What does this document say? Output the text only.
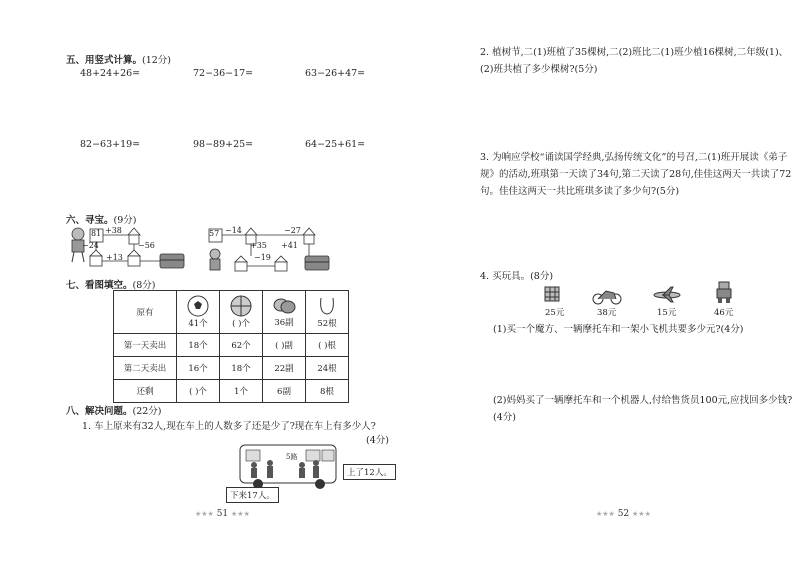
五、用竖式计算。(12分)
48+24+26=	72−36−17=	63−26+47=
82−63+19=	98−89+25=	64−25+61=
六、寻宝。(9分)
81 +38
−24	−56
+13
57 −14	−27
+35 +41
−19
七、看图填空。(8分)
原有	41个	( )个	36副	52根

第一天卖出	18个	62个	( )副	( )根
第二天卖出	16个	18个	22副	24根
还剩	( )个	1个	6副	8根
八、解决问题。(22分)
1. 车上原来有32人,现在车上的人数多了还是少了?现在车上有多少人?
(4分)
5路
下来17人。
上了12人。
★★★ 51 ★★★
2. 植树节,二(1)班植了35棵树,二(2)班比二(1)班少植16棵树,二年级(1)、(2)班共植了多少棵树?(5分)
3. 为响应学校“诵读国学经典,弘扬传统文化”的号召,二(1)班开展读《弟子规》的活动,班琪第一天读了34句,第二天读了28句,佳佳这两天一共读了72句。佳佳这两天一共比班琪多读了多少句?(5分)
4. 买玩具。(8分)
25元	38元	15元	46元
(1)买一个魔方、一辆摩托车和一架小飞机共要多少元?(4分)
(2)妈妈买了一辆摩托车和一个机器人,付给售货员100元,应找回多少钱?(4分)
★★★ 52 ★★★
